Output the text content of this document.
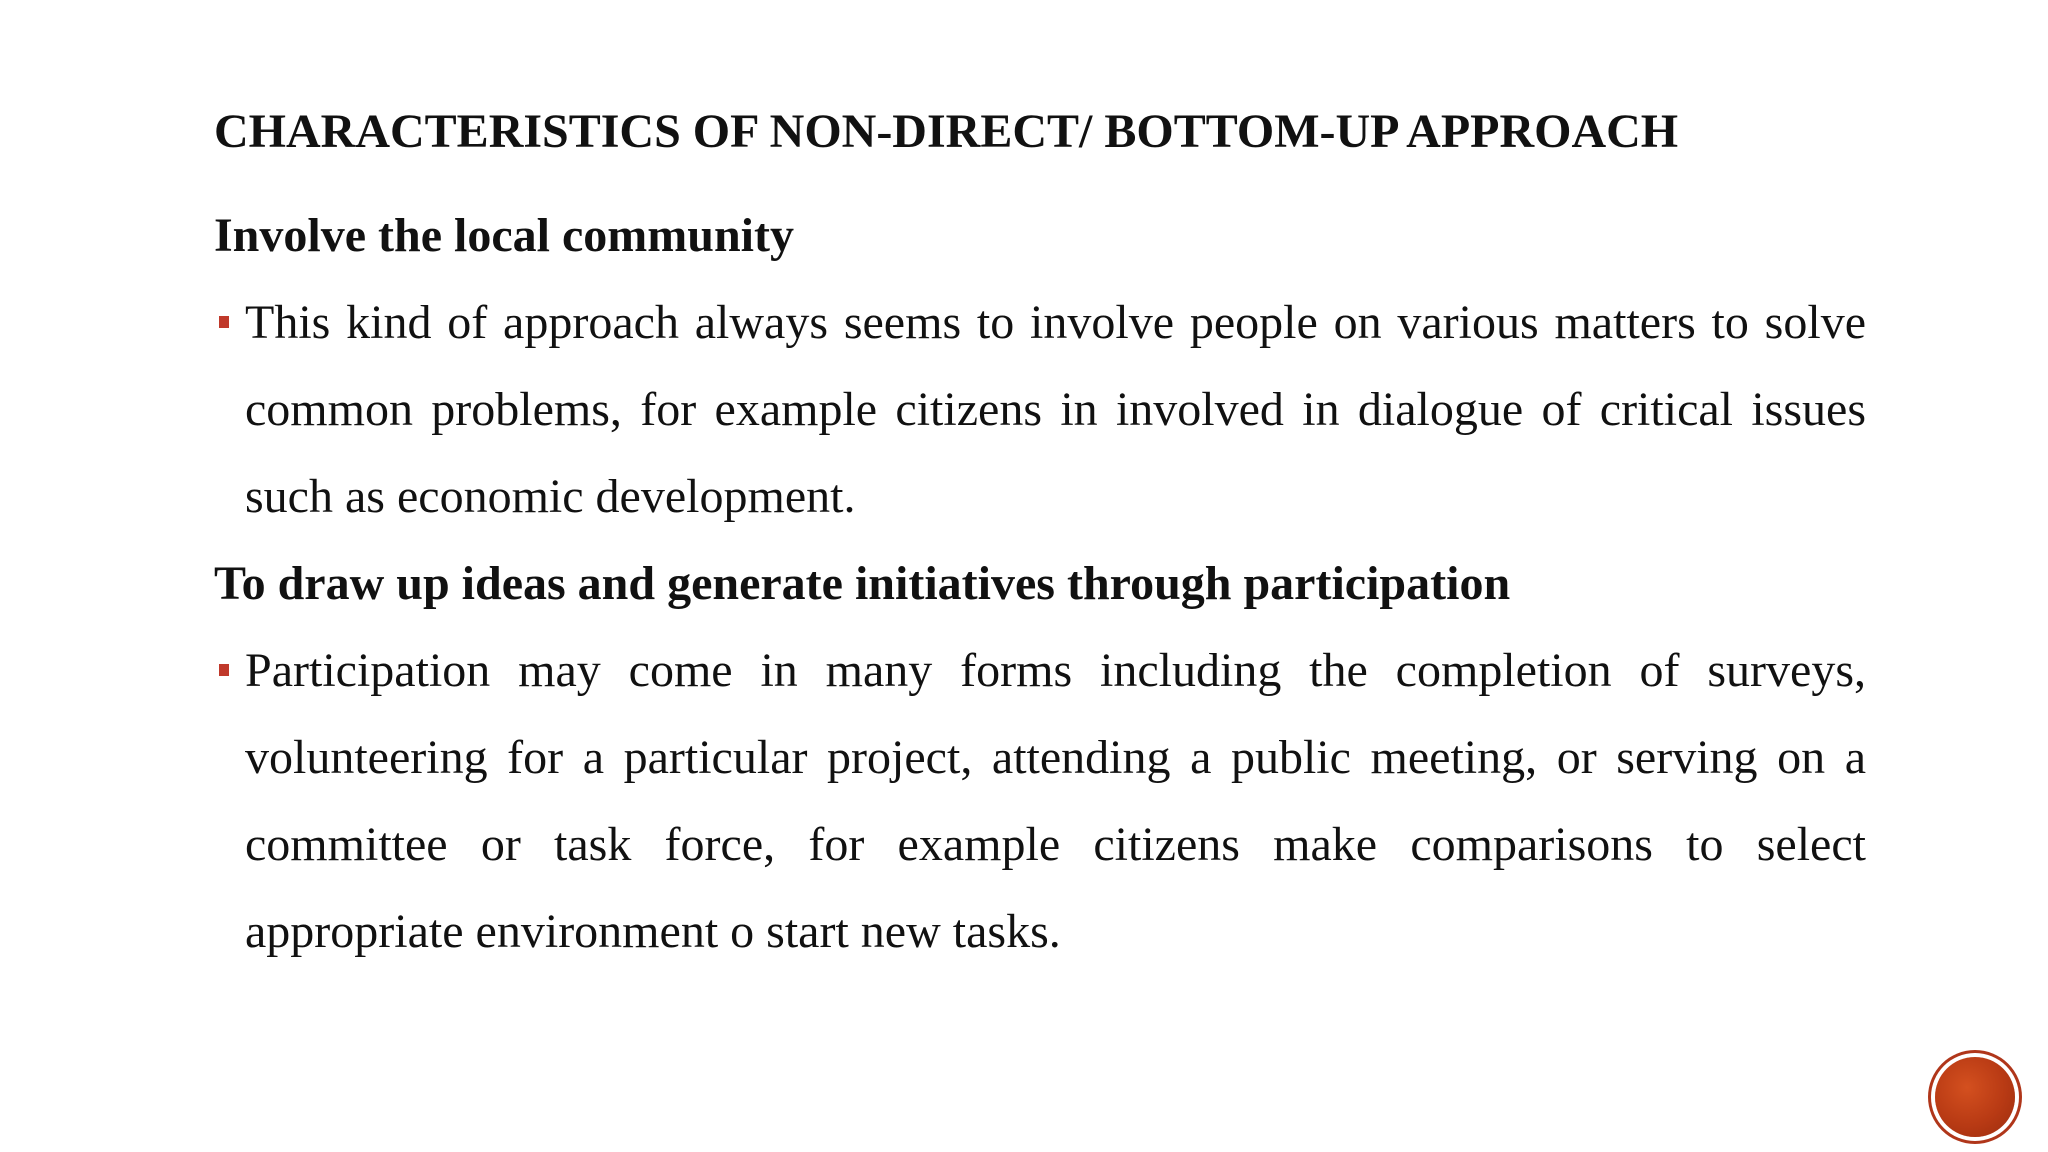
CHARACTERISTICS OF NON-DIRECT/ BOTTOM-UP APPROACH

Involve the local community

This kind of approach always seems to involve people on various matters to solve common problems, for example citizens in involved in dialogue of critical issues such as economic development.

To draw up ideas and generate initiatives through participation

Participation may come in many forms including the completion of surveys, volunteering for a particular project, attending a public meeting, or serving on a committee or task force, for example citizens make comparisons to select appropriate environment o start new tasks.
